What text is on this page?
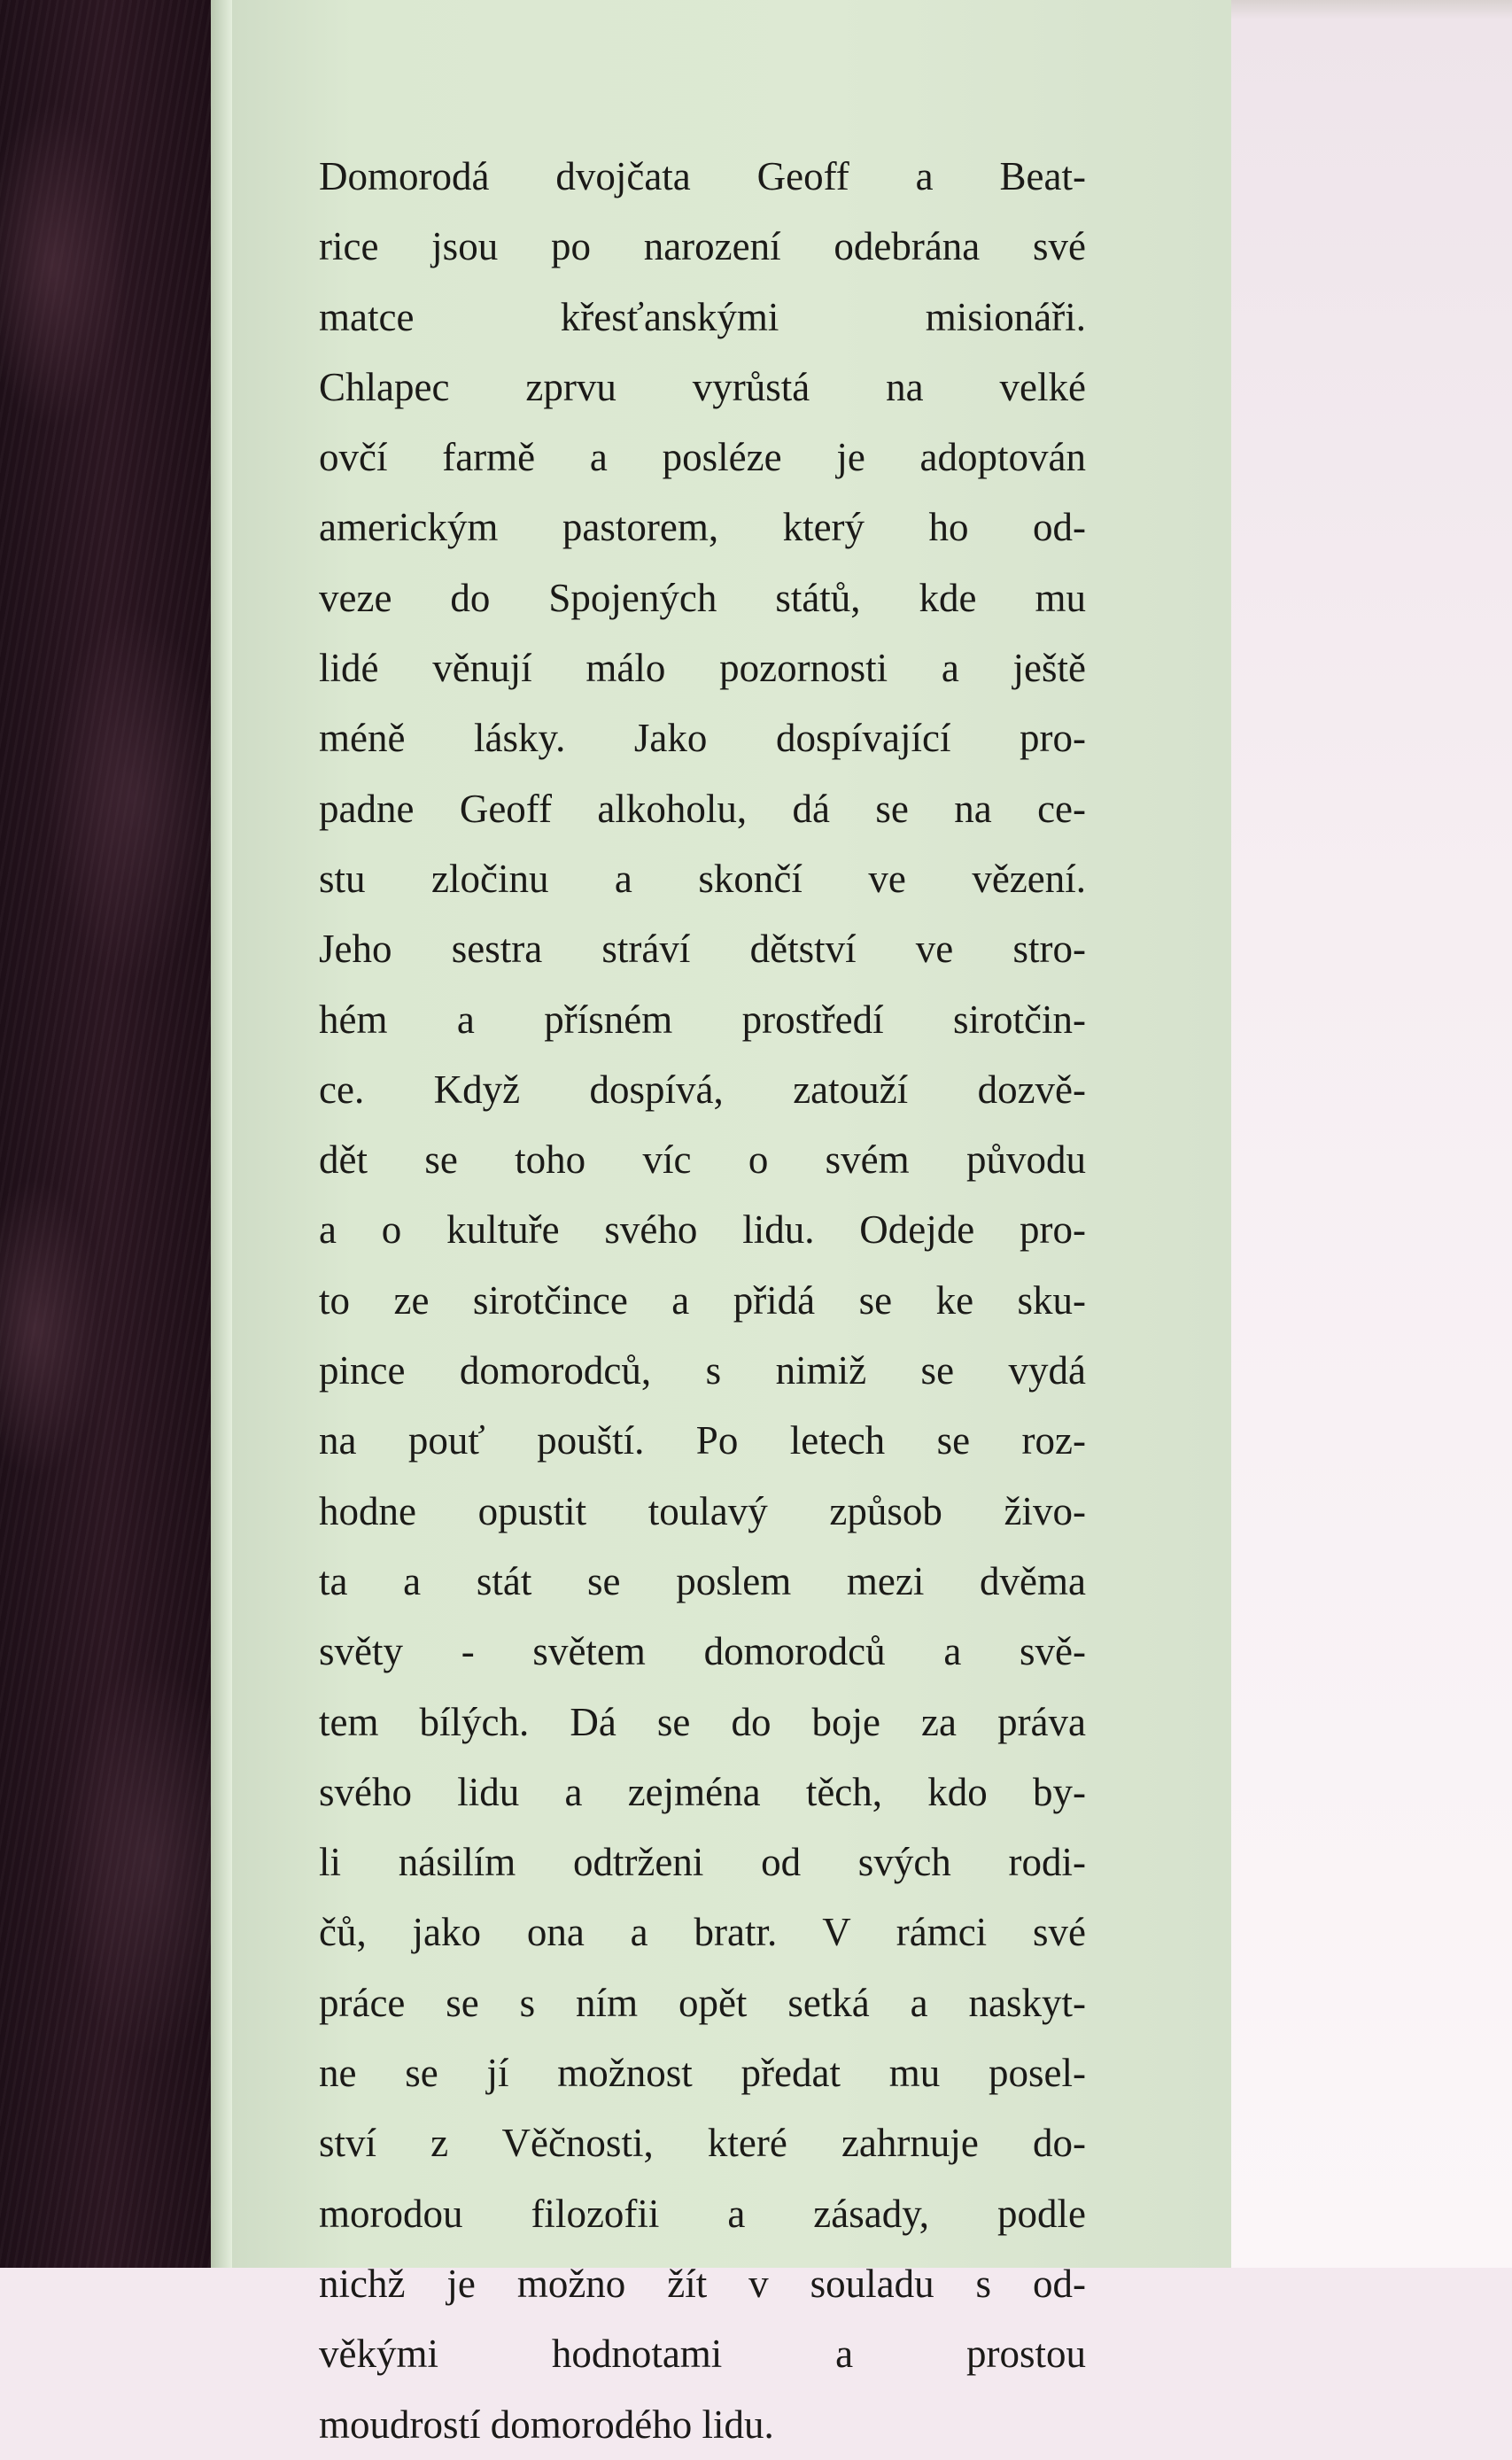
Domorodá dvojčata Geoff a Beat-
rice jsou po narození odebrána své
matce křesťanskými misionáři.
Chlapec zprvu vyrůstá na velké
ovčí farmě a posléze je adoptován
americkým pastorem, který ho od-
veze do Spojených států, kde mu
lidé věnují málo pozornosti a ještě
méně lásky. Jako dospívající pro-
padne Geoff alkoholu, dá se na ce-
stu zločinu a skončí ve vězení.
Jeho sestra stráví dětství ve stro-
hém a přísném prostředí sirotčin-
ce. Když dospívá, zatouží dozvě-
dět se toho víc o svém původu
a o kultuře svého lidu. Odejde pro-
to ze sirotčince a přidá se ke sku-
pince domorodců, s nimiž se vydá
na pouť pouští. Po letech se roz-
hodne opustit toulavý způsob živo-
ta a stát se poslem mezi dvěma
světy - světem domorodců a svě-
tem bílých. Dá se do boje za práva
svého lidu a zejména těch, kdo by-
li násilím odtrženi od svých rodi-
čů, jako ona a bratr. V rámci své
práce se s ním opět setká a naskyt-
ne se jí možnost předat mu posel-
ství z Věčnosti, které zahrnuje do-
morodou filozofii a zásady, podle
nichž je možno žít v souladu s od-
věkými hodnotami a prostou
moudrostí domorodého lidu.
